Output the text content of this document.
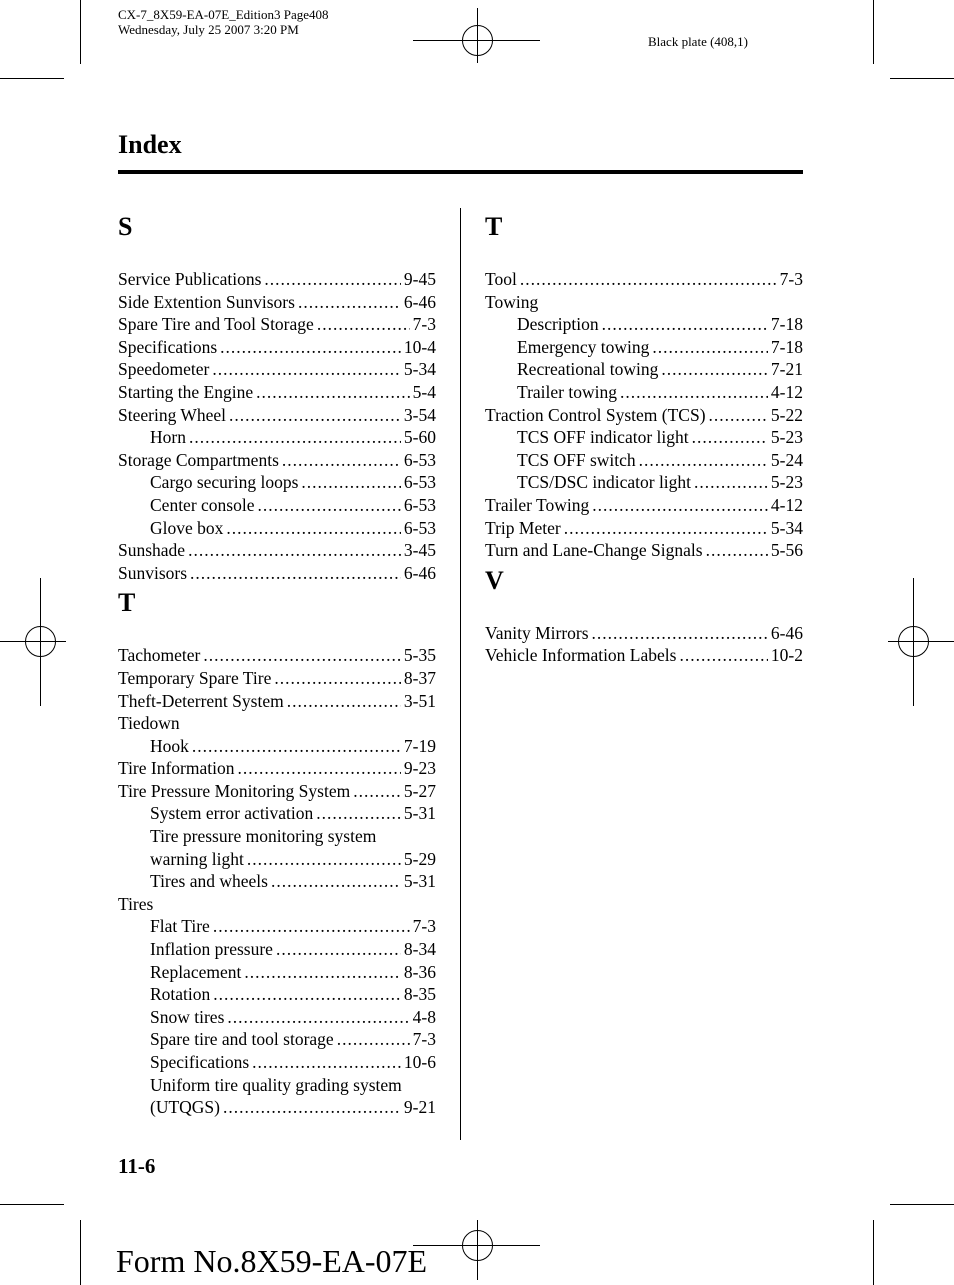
CX-7_8X59-EA-07E_Edition3 Page408
Wednesday, July 25 2007 3:20 PM
Black plate (408,1)
Index
S
Service Publications .....	9-45
Side Extention Sunvisors .....	6-46
Spare Tire and Tool Storage .....	7-3
Specifications .....	10-4
Speedometer .....	5-34
Starting the Engine .....	5-4
Steering Wheel .....	3-54
Horn .....	5-60
Storage Compartments .....	6-53
Cargo securing loops .....	6-53
Center console .....	6-53
Glove box .....	6-53
Sunshade .....	3-45
Sunvisors .....	6-46
T
Tachometer .....	5-35
Temporary Spare Tire .....	8-37
Theft-Deterrent System .....	3-51
Tiedown
Hook .....	7-19
Tire Information .....	9-23
Tire Pressure Monitoring System .....	5-27
System error activation .....	5-31
Tire pressure monitoring system
warning light .....	5-29
Tires and wheels .....	5-31
Tires
Flat Tire .....	7-3
Inflation pressure .....	8-34
Replacement .....	8-36
Rotation .....	8-35
Snow tires .....	4-8
Spare tire and tool storage .....	7-3
Specifications .....	10-6
Uniform tire quality grading system
(UTQGS) .....	9-21
T
Tool .....	7-3
Towing
Description .....	7-18
Emergency towing .....	7-18
Recreational towing .....	7-21
Trailer towing .....	4-12
Traction Control System (TCS) .....	5-22
TCS OFF indicator light .....	5-23
TCS OFF switch .....	5-24
TCS/DSC indicator light .....	5-23
Trailer Towing .....	4-12
Trip Meter .....	5-34
Turn and Lane-Change Signals .....	5-56
V
Vanity Mirrors .....	6-46
Vehicle Information Labels .....	10-2
11-6
Form No.8X59-EA-07E
